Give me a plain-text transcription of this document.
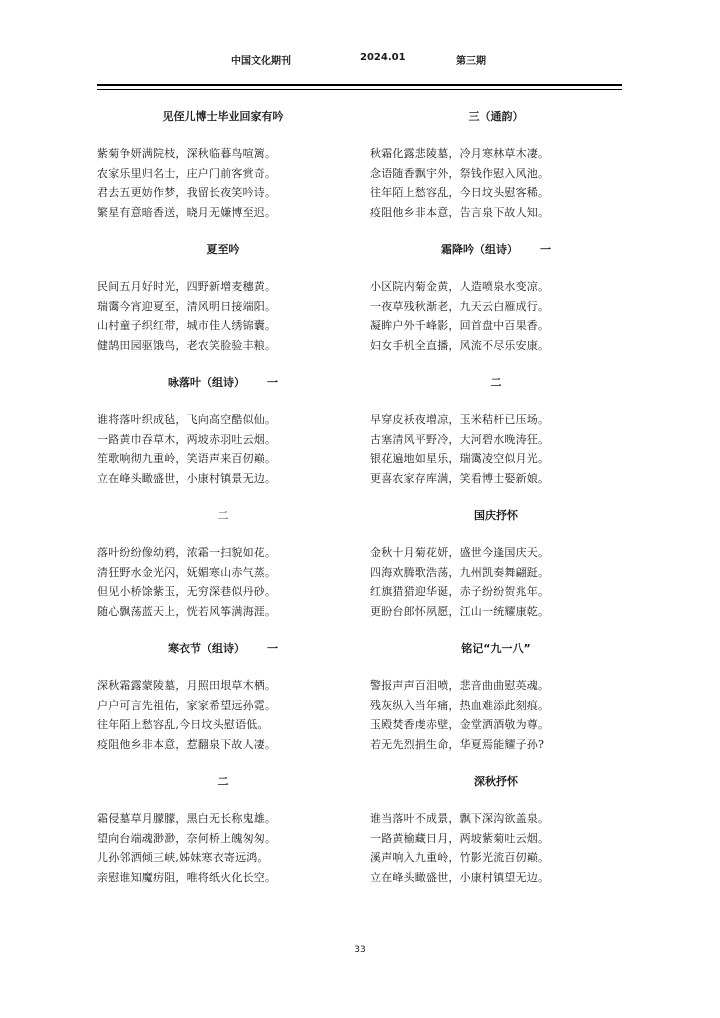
中国文化期刊	2024.01	第三期
见侄儿博士毕业回家有吟
紫菊争妍满院枝，深秋临暮鸟喧篱。
农家乐里归名士，庄户门前客赏奇。
君去五更妨作梦，我留长夜笑吟诗。
繁星有意暗香送，晓月无嫌博至迟。
夏至吟
民间五月好时光，四野新增麦穗黄。
瑞霭今宵迎夏至，清风明日接端阳。
山村童子织红带，城市佳人绣锦囊。
健鹄田园驱饿鸟，老农笑脸验丰粮。
咏落叶（组诗） 一
谁将落叶织成毡，飞向高空酷似仙。
一路黄巾吞草木，两坡赤羽吐云烟。
笙歌响彻九重岭，笑语声来百仞巅。
立在峰头瞰盛世，小康村镇景无边。
二
落叶纷纷像幼鸦，浓霜一扫貌如花。
清狂野水金光闪，妩媚寒山赤气蒸。
但见小桥馀紫玉，无穷深巷似丹砂。
随心飘荡蓝天上，恍若风筝满海涯。
寒衣节（组诗） 一
深秋霜露蒙陵墓，月照田垠草木栖。
户户可言先祖佑，家家希望远孙霓。
往年陌上愁容乱,今日坟头慰语低。
疫阻他乡非本意，惹翻泉下故人凄。
二
霜侵墓草月朦朦，黑白无长称鬼雄。
望向台端魂渺渺，奈何桥上魄匆匆。
儿孙邻洒倾三峡,姊妹寒衣寄远鸿。
亲慰谁知魔疠阻，唯将纸火化长空。
三（通韵）
秋霜化露悲陵墓，冷月寒林草木凄。
念语随香飘宇外，祭钱作慰入风池。
往年陌上愁容乱，今日坟头慰客稀。
疫阻他乡非本意，告言泉下故人知。
霜降吟（组诗） 一
小区院内菊金黄，人造喷泉水变凉。
一夜草残秋渐老，九天云白雁成行。
凝眸户外千峰影，回首盘中百果香。
妇女手机全直播，风流不尽乐安康。
二
早穿皮袄夜增凉，玉米秸杆已压场。
古塞清风平野冷，大河碧水晚涛狂。
银花遍地如星乐，瑞霭凌空似月光。
更喜农家存库满，笑看博士娶新娘。
国庆抒怀
金秋十月菊花妍，盛世今逢国庆天。
四海欢腾歌浩荡，九州凯奏舞翩跹。
红旗猎猎迎华诞，赤子纷纷贺兆年。
更盼台郎怀夙愿，江山一统耀康乾。
铭记“九一八”
警报声声百泪喷，悲音曲曲慰英魂。
残灰纵入当年痛，热血难添此刻痕。
玉殿焚香虔赤壁，金堂洒酒敬为尊。
若无先烈捐生命，华夏焉能耀子孙?
深秋抒怀
谁当落叶不成景，飘下深沟欲盖泉。
一路黄榆藏日月，两坡紫菊吐云烟。
溪声响入九重岭，竹影光流百仞巅。
立在峰头瞰盛世，小康村镇望无边。
33
